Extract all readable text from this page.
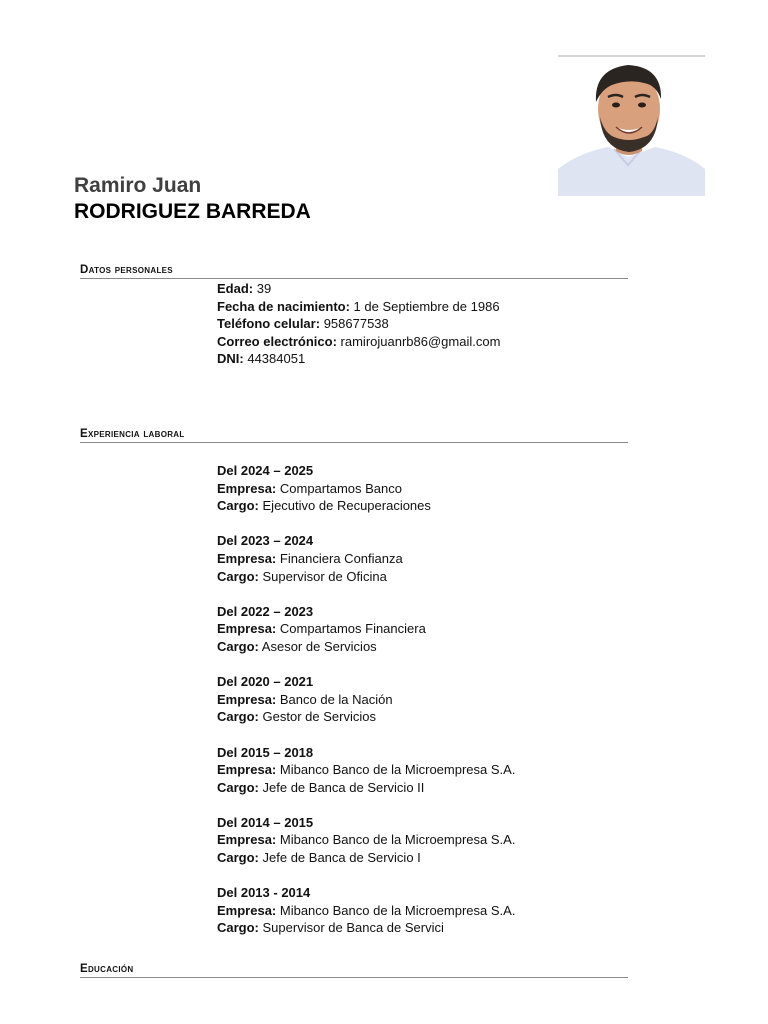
Ramiro Juan
RODRIGUEZ BARREDA
Datos personales
Edad: 39
Fecha de nacimiento: 1 de Septiembre de 1986
Teléfono celular: 958677538
Correo electrónico: ramirojuanrb86@gmail.com
DNI: 44384051
Experiencia laboral
Del 2024 – 2025
Empresa: Compartamos Banco
Cargo: Ejecutivo de Recuperaciones
Del 2023 – 2024
Empresa: Financiera Confianza
Cargo: Supervisor de Oficina
Del 2022 – 2023
Empresa: Compartamos Financiera
Cargo: Asesor de Servicios
Del 2020 – 2021
Empresa: Banco de la Nación
Cargo: Gestor de Servicios
Del 2015 – 2018
Empresa: Mibanco Banco de la Microempresa S.A.
Cargo: Jefe de Banca de Servicio II
Del 2014 – 2015
Empresa: Mibanco Banco de la Microempresa S.A.
Cargo: Jefe de Banca de Servicio I
Del 2013 - 2014
Empresa: Mibanco Banco de la Microempresa S.A.
Cargo: Supervisor de Banca de Servici
Educación
